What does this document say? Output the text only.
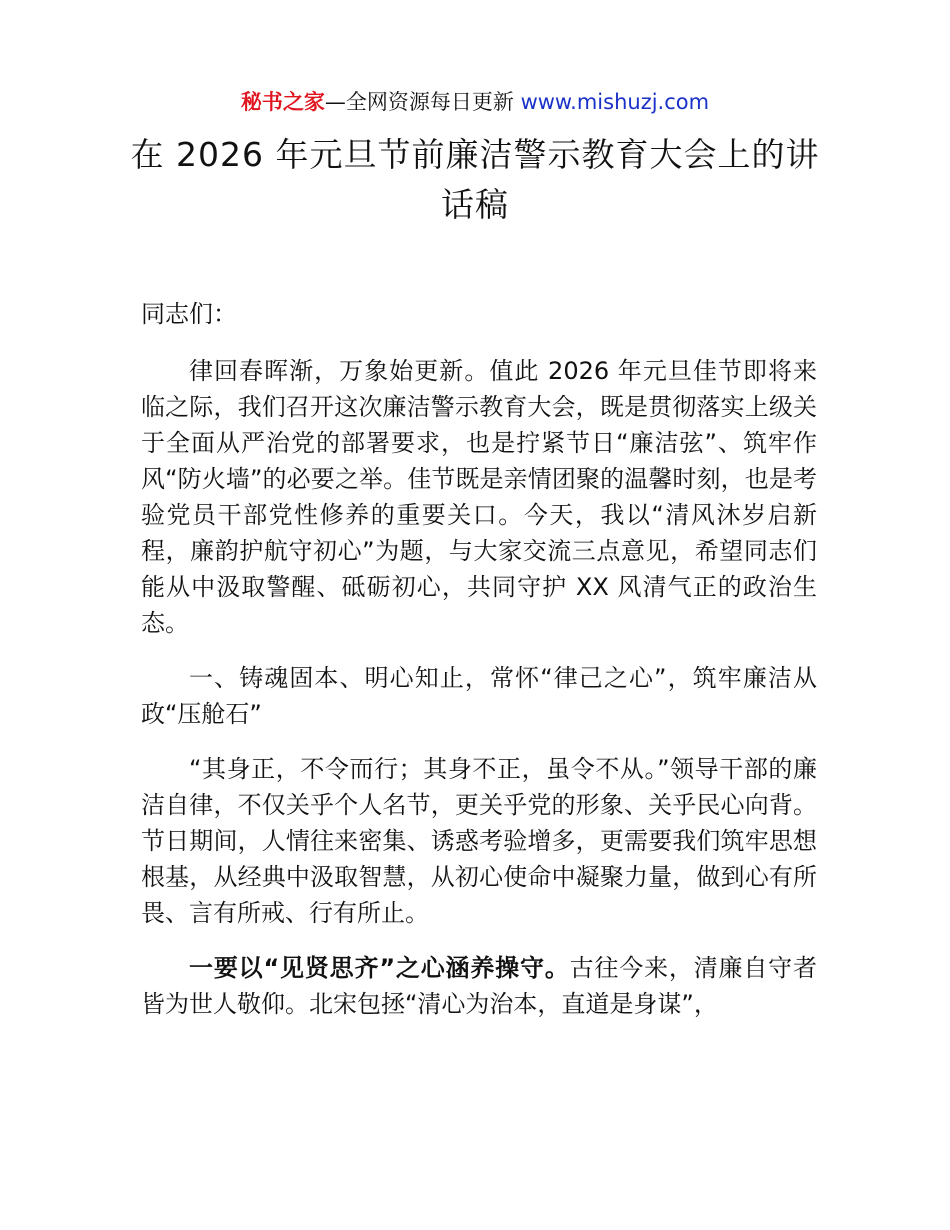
秘书之家—全网资源每日更新 www.mishuzj.com
在 2026 年元旦节前廉洁警示教育大会上的讲话稿

同志们：

律回春晖渐，万象始更新。值此 2026 年元旦佳节即将来临之际，我们召开这次廉洁警示教育大会，既是贯彻落实上级关于全面从严治党的部署要求，也是拧紧节日“廉洁弦”、筑牢作风“防火墙”的必要之举。佳节既是亲情团聚的温馨时刻，也是考验党员干部党性修养的重要关口。今天，我以“清风沐岁启新程，廉韵护航守初心”为题，与大家交流三点意见，希望同志们能从中汲取警醒、砥砺初心，共同守护 XX 风清气正的政治生态。

一、铸魂固本、明心知止，常怀“律己之心”，筑牢廉洁从政“压舱石”

“其身正，不令而行；其身不正，虽令不从。”领导干部的廉洁自律，不仅关乎个人名节，更关乎党的形象、关乎民心向背。节日期间，人情往来密集、诱惑考验增多，更需要我们筑牢思想根基，从经典中汲取智慧，从初心使命中凝聚力量，做到心有所畏、言有所戒、行有所止。

一要以“见贤思齐”之心涵养操守。古往今来，清廉自守者皆为世人敬仰。北宋包拯“清心为治本，直道是身谋”，
